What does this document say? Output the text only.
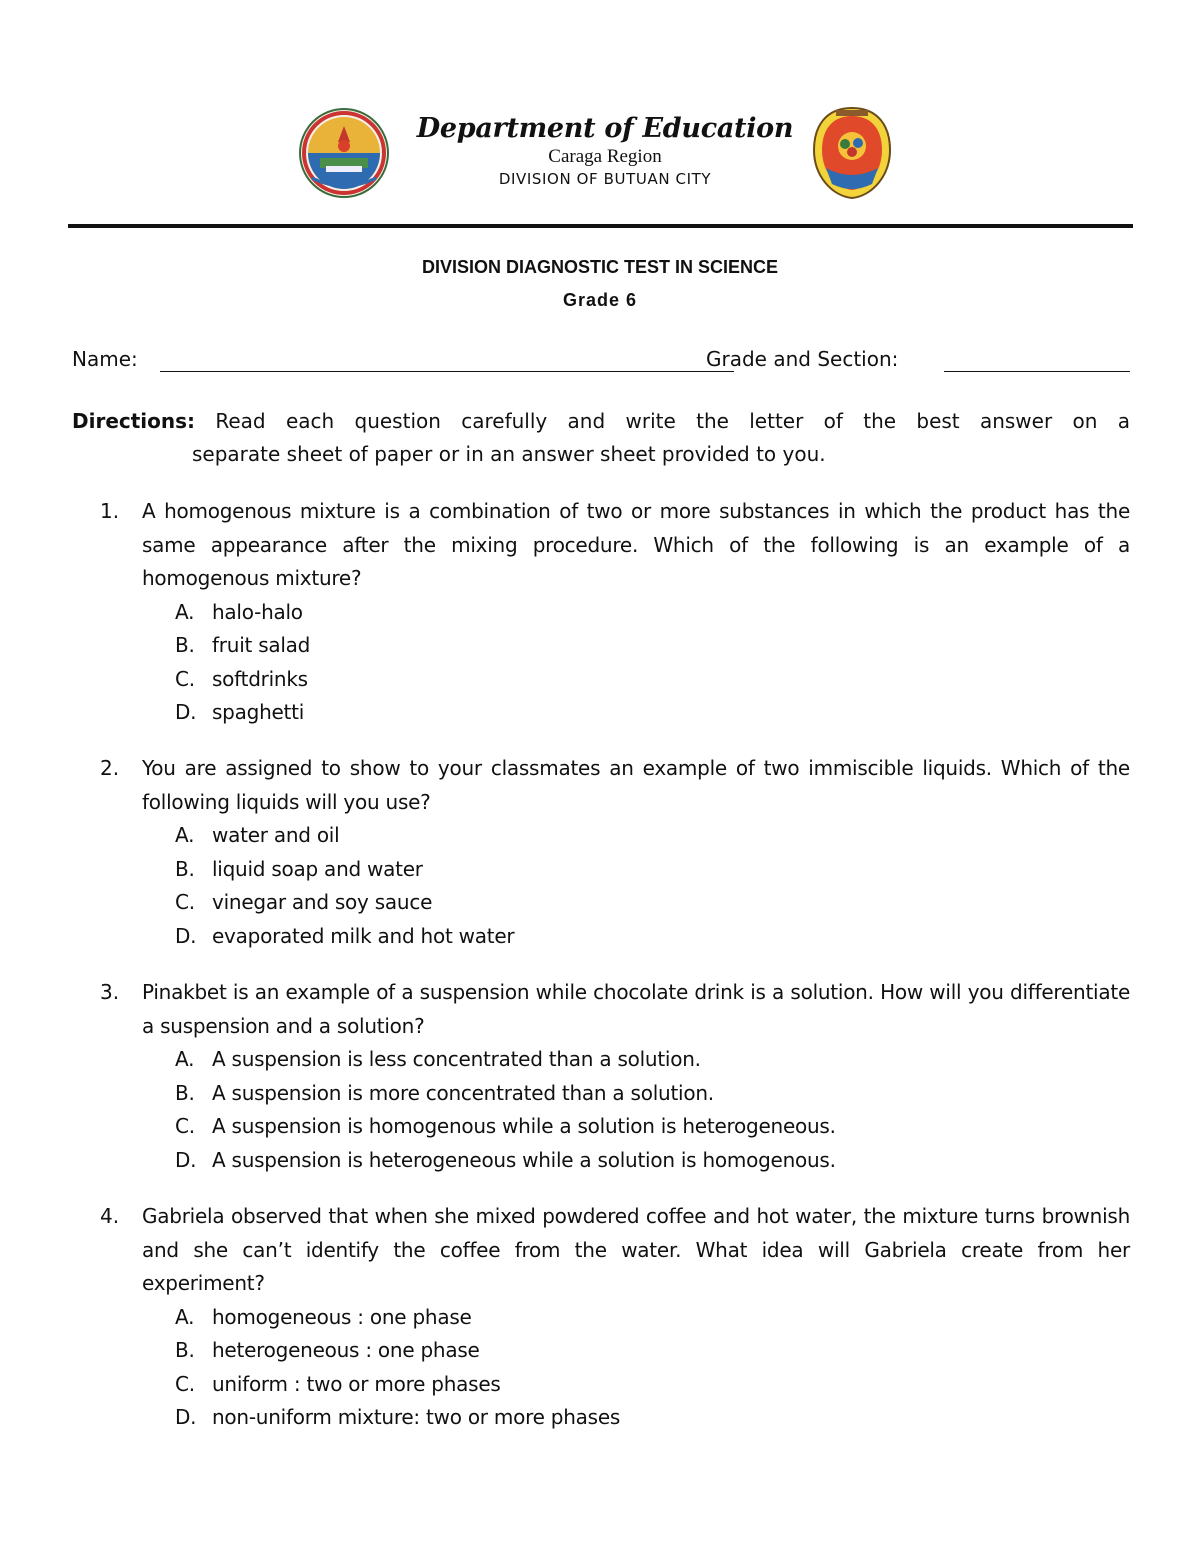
Department of Education
Caraga Region
DIVISION OF BUTUAN CITY
DIVISION DIAGNOSTIC TEST IN SCIENCE
Grade 6
Name:	Grade and Section:
Directions: Read each question carefully and write the letter of the best answer on a
separate sheet of paper or in an answer sheet provided to you.
1.	A homogenous mixture is a combination of two or more substances in which the product has the same appearance after the mixing procedure. Which of the following is an example of a homogenous mixture?
A. halo-halo
B. fruit salad
C. softdrinks
D. spaghetti
2.	You are assigned to show to your classmates an example of two immiscible liquids. Which of the following liquids will you use?
A. water and oil
B. liquid soap and water
C. vinegar and soy sauce
D. evaporated milk and hot water
3.	Pinakbet is an example of a suspension while chocolate drink is a solution. How will you differentiate a suspension and a solution?
A. A suspension is less concentrated than a solution.
B. A suspension is more concentrated than a solution.
C. A suspension is homogenous while a solution is heterogeneous.
D. A suspension is heterogeneous while a solution is homogenous.
4.	Gabriela observed that when she mixed powdered coffee and hot water, the mixture turns brownish and she can’t identify the coffee from the water. What idea will Gabriela create from her experiment?
A. homogeneous : one phase
B. heterogeneous : one phase
C. uniform : two or more phases
D. non-uniform mixture: two or more phases
